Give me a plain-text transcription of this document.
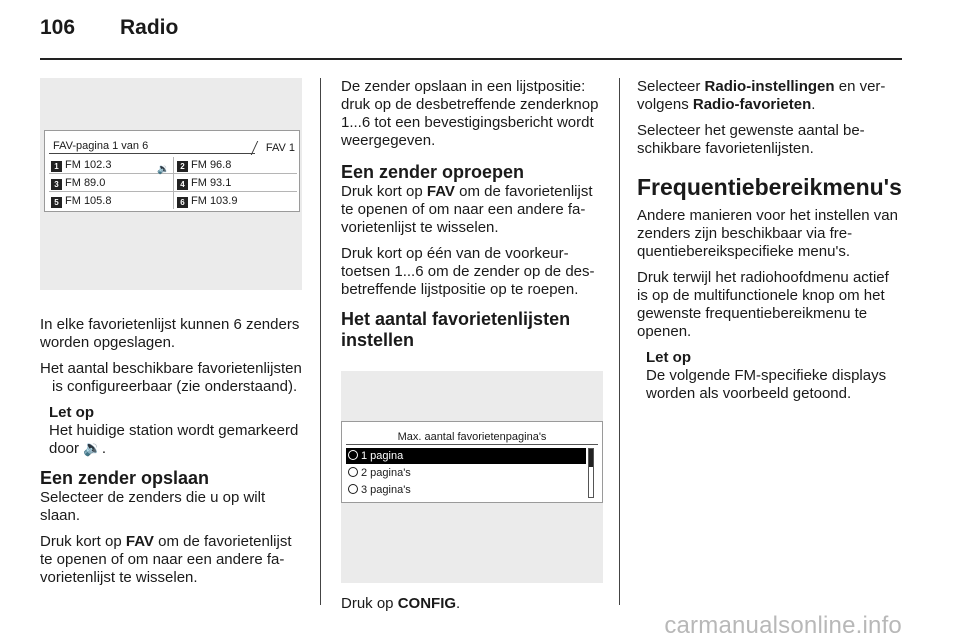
106 Radio
FAV-pagina 1 van 6	FAV 1
1 FM 102.3	🔉	2 FM 96.8
3 FM 89.0	4 FM 93.1
5 FM 105.8	6 FM 103.9

In elke favorietenlijst kunnen 6 zenders worden opgeslagen.

Het aantal beschikbare favorietenlijsten is configureerbaar (zie onderstaand).

Let op
Het huidige station wordt gemarkeerd door 🔉.
Een zender opslaan

Selecteer de zenders die u op wilt slaan.

Druk kort op FAV om de favorietenlijst te openen of om naar een andere favorietenlijst te wisselen.

De zender opslaan in een lijstpositie: druk op de desbetreffende zenderknop 1...6 tot een bevestigingsbericht wordt weergegeven.

Een zender oproepen

Druk kort op FAV om de favorietenlijst te openen of om naar een andere favorietenlijst te wisselen.

Druk kort op één van de voorkeurtoetsen 1...6 om de zender op de desbetreffende lijstpositie op te roepen.

Het aantal favorietenlijsten instellen
Max. aantal favorietenpagina's
1 pagina
2 pagina's
3 pagina's

Druk op CONFIG.

Selecteer Radio-instellingen en vervolgens Radio-favorieten.

Selecteer het gewenste aantal beschikbare favorietenlijsten.

Frequentiebereikmenu's

Andere manieren voor het instellen van zenders zijn beschikbaar via frequentiebereikspecifieke menu's.

Druk terwijl het radiohoofdmenu actief is op de multifunctionele knop om het gewenste frequentiebereikmenu te openen.

Let op
De volgende FM-specifieke displays worden als voorbeeld getoond.
carmanualsonline.info
